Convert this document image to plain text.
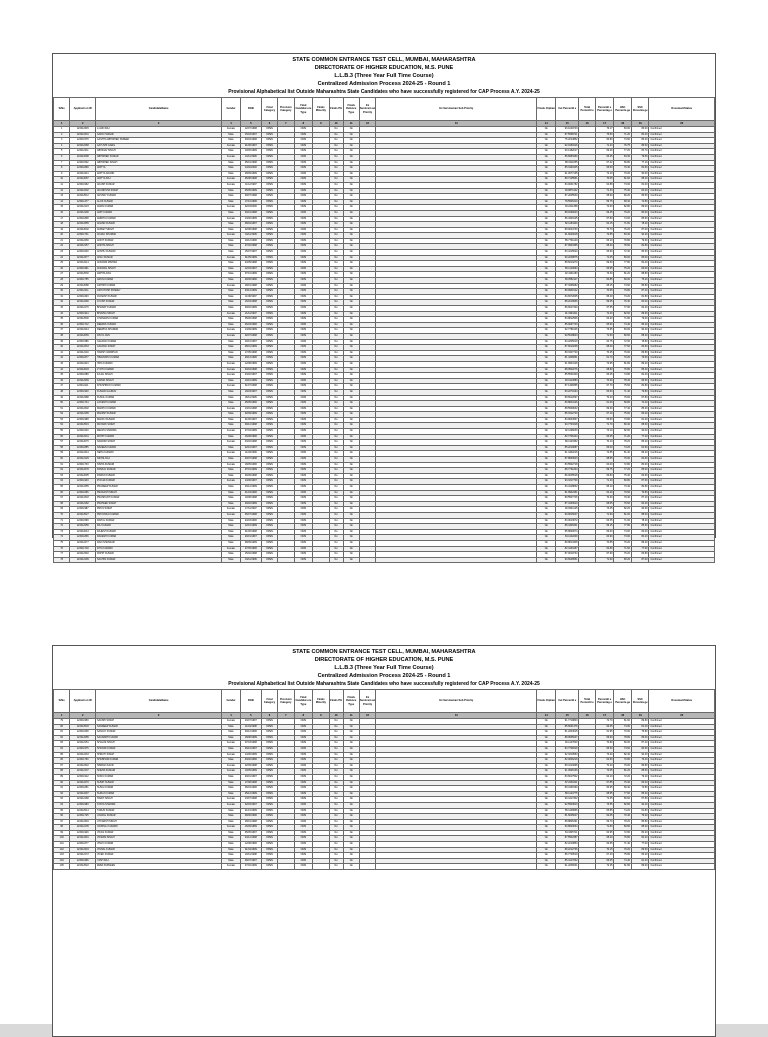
STATE COMMON ENTRANCE TEST CELL, MUMBAI, MAHARASHTRA
DIRECTORATE OF HIGHER EDUCATION, M.S. PUNE
L.L.B.3 (Three Year Full Time Course)
Centralized Admission Process 2024-25 - Round 1
Provisional Alphabetical list Outside Maharashtra State Candidates who have successfully registered for CAP Process A.Y. 2024-25
SrNo	Applicati on ID	CandidateName	Gender	DOB	Final Category	Provision Category	Final Candidat ure Type	Finals Minority	Finals PH	Finals Defence Type	Ex Servicem an Priority	Ex Serviceman Sub Priority	Finals Orphan	Cet Percentil e	Total Percentil e	Percentil e Percentag e	HSC Percenta ge	SSC Percenta ge	DocumentStatus
1	2	3	4	5	6	7	8	9	10	11	12	13	14	15	16	17	18	19	20
1	123412345	A JAIN RAJ	Female	12/07/1998	OPEN		OMS		No	No			No	93.1040743		76.17	83.00	86.00	Confirmed
2	123412301	AAFIK HAIDAR	Male	15/03/1997	OPEN		OMS		No	No			No	87.5568741		75.80	71.20	80.40	Confirmed
3	123411578	AASTHA ABHISHEK PAREEK	Male	03/04/1998	OPEN		OMS		No	No			No	75.2014852		60.80	73.60	86.20	Confirmed
4	123412268	AAYUSHI GARG	Female	21/06/1997	OPEN		OMS		No	No			No	92.0150416		71.23	76.75	85.00	Confirmed
5	123412311	ABHINAV SINGH	Male	19/06/1999	OPEN		OMS		No	No			No	90.1482017		69.20	77.20	83.70	Confirmed
6	123412098	ABHISHEK KUMAR	Female	10/11/1996	OPEN		OMS		No	No			No	86.6683460		63.25	84.30	79.50	Confirmed
7	123411502	ABHISHEK SINGH	Male	05/01/1998	OPEN		OMS		No	No			No	88.3411055		67.42	66.80	77.10	Confirmed
8	123411899	ADITYA	Male	14/02/2000	OPEN		OMS		No	No			No	85.3460105		66.50	79.40	82.60	Confirmed
9	123412441	ADITYA ANAND	Male	28/09/1999	OPEN		OMS		No	No			No	91.0077135		72.10	70.00	90.00	Confirmed
10	123412087	ADITYA RAJ	Female	06/08/1998	OPEN		OMS		No	No			No	89.7125561		70.05	81.60	88.40	Confirmed
11	123411962	AKASH KUMAR	Female	11/12/1997	OPEN		OMS		No	No			No	84.0031782		64.88	73.00	81.00	Confirmed
12	123412402	AKANKSHA SINGH	Male	25/05/1999	OPEN		OMS		No	No			No	90.8871102		71.33	75.40	84.20	Confirmed
13	123412512	AKSHAY KUMAR	Male	09/07/1998	OPEN		OMS		No	No			No	87.2205530		68.90	80.20	86.50	Confirmed
14	123411477	ALOK KUMAR	Male	17/10/1996	OPEN		OMS		No	No			No	78.5506310		59.75	68.40	72.80	Confirmed
15	123412123	AMAN KUMAR	Female	02/03/2000	OPEN		OMS		No	No			No	93.2211458		74.60	82.80	89.00	Confirmed
16	123412190	AMIT KUMAR	Male	30/01/1998	OPEN		OMS		No	No			No	88.9190023		69.45	79.20	80.00	Confirmed
17	123411808	AMRITA KUMARI	Female	13/06/1999	OPEN		OMS		No	No			No	86.4300125		67.80	74.00	85.60	Confirmed
18	123412355	ANAND KUMAR	Male	08/04/1997	OPEN		OMS		No	No			No	82.1184400		62.15	71.60	78.40	Confirmed
19	123412002	ANIKET SINGH	Male	22/08/1998	OPEN		OMS		No	No			No	89.0044730		70.70	76.20	87.00	Confirmed
20	123411731	ANJALI SHARMA	Female	04/11/1999	OPEN		OMS		No	No			No	91.6620018		72.85	83.40	90.20	Confirmed
21	123412466	ANKIT KUMAR	Male	19/12/1996	OPEN		OMS		No	No			No	85.7701140		66.10	70.80	79.60	Confirmed
22	123412157	ANKITA SINGH	Male	27/02/1998	OPEN		OMS		No	No			No	87.9903355		68.40	78.60	82.80	Confirmed
23	123411640	ANSHU KUMARI	Male	15/07/1997	OPEN		OMS		No	No			No	83.4415620		63.90	72.40	80.60	Confirmed
24	123412377	ANUJ KUMAR	Female	01/05/1999	OPEN		OMS		No	No			No	90.2248875		71.05	80.00	86.00	Confirmed
25	123412214	ANUPAM MISHRA	Male	24/09/1998	OPEN		OMS		No	No			No	88.6013270		69.60	77.80	84.40	Confirmed
26	123411991	ANURAG SINGH	Male	12/03/1997	OPEN		OMS		No	No			No	86.1120094		66.95	75.20	83.00	Confirmed
27	123412530	ARPITA DAS	Male	07/10/1999	OPEN		OMS		No	No			No	92.4401183		73.30	81.20	88.80	Confirmed
28	123411755	ARUN KUMAR	Male	29/06/1996	OPEN		OMS		No	No			No	80.0552117		60.85	69.00	75.20	Confirmed
29	123412088	ASHISH KUMAR	Female	18/01/1998	OPEN		OMS		No	No			No	87.3366082		68.15	74.60	85.80	Confirmed
30	123412411	ASHUTOSH PANDEY	Male	03/12/1999	OPEN		OMS		No	No			No	89.9901542		70.95	79.80	87.40	Confirmed
31	123411603	AVINASH KUMAR	Male	11/08/1997	OPEN		OMS		No	No			No	84.6672005		65.40	73.20	81.80	Confirmed
32	123412290	AYUSH KUMAR	Male	16/04/1998	OPEN		OMS		No	No			No	88.2219966		69.05	76.40	84.00	Confirmed
33	123412176	BHARAT KUMAR	Male	09/02/1999	OPEN		OMS		No	No			No	86.9017320		67.55	77.00	82.20	Confirmed
34	123411944	BHAVNA SINGH	Female	21/11/1997	OPEN		OMS		No	No			No	91.3304411		72.40	82.00	89.60	Confirmed
35	123412500	CHANDAN KUMAR	Male	05/06/1998	OPEN		OMS		No	No			No	83.8812506		64.20	71.80	79.00	Confirmed
36	123411712	DEEPAK KUMAR	Male	26/03/1996	OPEN		OMS		No	No			No	85.0067743		65.90	74.40	80.20	Confirmed
37	123412244	DEEPIKA SHARMA	Female	14/09/1999	OPEN		OMS		No	No			No	92.7781026		73.65	83.00	90.40	Confirmed
38	123412059	DIVYA JAIN	Female	02/07/1998	OPEN		OMS		No	No			No	90.5518843		71.50	80.60	88.20	Confirmed
39	123411586	GAURAV KUMAR	Male	20/10/1997	OPEN		OMS		No	No			No	84.2205019		64.75	72.00	78.80	Confirmed
40	123412333	GAURAV SINGH	Male	08/01/1999	OPEN		OMS		No	No			No	87.6610238		68.30	77.60	83.60	Confirmed
41	123412140	HARSH VARDHAN	Male	17/05/1998	OPEN		OMS		No	No			No	89.3347720		70.25	79.00	86.80	Confirmed
42	123411877	HIMANSHU KUMAR	Male	29/12/1996	OPEN		OMS		No	No			No	81.4406651		61.70	70.20	76.60	Confirmed
43	123412421	ISHA KUMARI	Female	12/08/1999	OPEN		OMS		No	No			No	91.9903128		72.95	81.80	89.20	Confirmed
44	123412003	JYOTI KUMARI	Female	04/04/1998	OPEN		OMS		No	No			No	88.0502276		68.80	76.80	85.40	Confirmed
45	123411689	KAJAL SINGH	Female	23/02/1997	OPEN		OMS		No	No			No	85.5531909		66.25	74.80	82.40	Confirmed
46	123412269	KARAN SINGH	Male	10/10/1999	OPEN		OMS		No	No			No	90.0114583		70.60	78.40	86.60	Confirmed
47	123412111	KHUSHBOO KUMARI	Female	31/07/1998	OPEN		OMS		No	No			No	87.1408355		67.70	75.60	84.80	Confirmed
48	123411920	KUMAR GAURAV	Male	19/03/1997	OPEN		OMS		No	No			No	83.2270164		63.60	71.40	79.80	Confirmed
49	123412488	KUNAL KUMAR	Male	06/11/1999	OPEN		OMS		No	No			No	89.6612097		70.40	79.60	87.80	Confirmed
50	123411744	LOKESH KUMAR	Male	25/05/1996	OPEN		OMS		No	No			No	80.8844126		61.20	69.80	74.40	Confirmed
51	123412302	MADHU KUMARI	Female	13/01/1998	OPEN		OMS		No	No			No	88.5509632		69.30	77.40	85.20	Confirmed
52	123412165	MANISH KUMAR	Male	02/09/1999	OPEN		OMS		No	No			No	86.3312740		67.10	75.00	83.40	Confirmed
53	123411968	MANOJ KUMAR	Male	21/06/1997	OPEN		OMS		No	No			No	84.9004567		65.60	73.80	81.20	Confirmed
54	123412519	MAYANK SINGH	Male	09/12/1998	OPEN		OMS		No	No			No	90.7703318		71.70	80.40	88.60	Confirmed
55	123411620	MEGHA SHARMA	Female	27/04/1999	OPEN		OMS		No	No			No	92.1198230		73.10	82.60	90.00	Confirmed
56	123412231	MOHIT KUMAR	Male	16/08/1996	OPEN		OMS		No	No			No	82.7706104		63.05	71.20	77.40	Confirmed
57	123412076	NANDINI SINGH	Female	04/02/1998	OPEN		OMS		No	No			No	89.1103352		70.10	78.20	86.20	Confirmed
58	123411855	NAVEEN KUMAR	Male	22/10/1997	OPEN		OMS		No	No			No	85.2219087		66.00	74.20	81.60	Confirmed
59	123412444	NEHA KUMARI	Female	11/03/1999	OPEN		OMS		No	No			No	91.4402216		72.55	81.40	89.40	Confirmed
60	123412129	NIKHIL RAJ	Male	30/07/1998	OPEN		OMS		No	No			No	87.8830543		68.55	76.00	84.60	Confirmed
61	123411733	NISHA KUMARI	Female	18/05/1996	OPEN		OMS		No	No			No	83.5502718		64.00	72.80	80.00	Confirmed
62	123412278	PANKAJ KUMAR	Male	07/01/1999	OPEN		OMS		No	No			No	88.7731204		69.75	77.20	85.00	Confirmed
63	123412095	PAWAN KUMAR	Male	26/09/1998	OPEN		OMS		No	No			No	86.0045518		66.80	75.40	82.60	Confirmed
64	123411903	POOJA KUMARI	Female	14/06/1997	OPEN		OMS		No	No			No	90.3317709		71.20	80.80	87.60	Confirmed
65	123412455	PRADEEP KUMAR	Male	03/12/1999	OPEN		OMS		No	No			No	84.4418832		65.10	73.40	80.80	Confirmed
66	123411666	PRAKASH SINGH	Male	21/04/1996	OPEN		OMS		No	No			No	81.9902451		62.40	70.60	76.80	Confirmed
67	123412318	PRASHANT KUMAR	Male	10/08/1998	OPEN		OMS		No	No			No	89.5507726		70.30	79.40	87.20	Confirmed
68	123412182	PRATEEK SINGH	Male	29/02/1999	OPEN		OMS		No	No			No	87.4430910		68.05	76.60	84.20	Confirmed
69	123411987	PRIYA SINGH	Female	17/11/1997	OPEN		OMS		No	No			No	92.6621145		73.45	82.20	90.60	Confirmed
70	123412527	PRIYANKA KUMARI	Female	06/07/1998	OPEN		OMS		No	No			No	90.9915047		71.90	81.00	88.00	Confirmed
71	123411599	RAHUL KUMAR	Male	24/03/1996	OPEN		OMS		No	No			No	83.0013672		63.35	71.00	78.20	Confirmed
72	123412256	RAJ KUMAR	Male	12/10/1999	OPEN		OMS		No	No			No	88.4406331		69.15	77.80	85.60	Confirmed
73	123412044	RAJESH KUMAR	Male	01/06/1998	OPEN		OMS		No	No			No	85.8820674		66.60	74.60	82.00	Confirmed
74	123411836	RAKESH KUMAR	Male	20/01/1997	OPEN		OMS		No	No			No	84.1102209		64.90	73.00	80.40	Confirmed
75	123412477	RAVI SHANKAR	Male	08/09/1999	OPEN		OMS		No	No			No	89.8814308		70.85	79.20	86.40	Confirmed
76	123411718	RITU KUMARI	Female	27/05/1996	OPEN		OMS		No	No			No	82.4430187		62.80	71.60	77.60	Confirmed
77	123412340	ROHIT KUMAR	Male	15/02/1998	OPEN		OMS		No	No			No	87.0019734		67.90	76.20	83.80	Confirmed
78	123412199	SACHIN KUMAR	Male	04/11/1999	OPEN		OMS		No	No			No	90.6628551		71.60	80.20	87.00	Confirmed
STATE COMMON ENTRANCE TEST CELL, MUMBAI, MAHARASHTRA
DIRECTORATE OF HIGHER EDUCATION, M.S. PUNE
L.L.B.3 (Three Year Full Time Course)
Centralized Admission Process 2024-25 - Round 1
Provisional Alphabetical list Outside Maharashtra State Candidates who have successfully registered for CAP Process A.Y. 2024-25
SrNo	Applicati on ID	CandidateName	Gender	DOB	Final Category	Provision Category	Final Candidat ure Type	Finals Minority	Finals PH	Finals Defence Type	Ex Servicem an Priority	Ex Serviceman Sub Priority	Finals Orphan	Cet Percentil e	Total Percentil e	Percentil e Percentag e	HSC Percenta ge	SSC Percenta ge	DocumentStatus
1	2	3	4	5	6	7	8	9	10	11	12	13	14	15	16	17	18	19	20
79	123411950	SAKSHI SINGH	Female	23/07/1997	OPEN		OMS		No	No			No	91.7719803		72.70	81.60	89.80	Confirmed
80	123412503	SANDEEP KUMAR	Male	11/04/1998	OPEN		OMS		No	No			No	85.6631476		66.35	74.00	81.40	Confirmed
81	123411638	SANJAY KUMAR	Male	30/12/1996	OPEN		OMS		No	No			No	81.2204615		61.95	70.00	75.80	Confirmed
82	123412285	SAURABH KUMAR	Male	18/08/1999	OPEN		OMS		No	No			No	88.9935027		69.90	78.80	86.00	Confirmed
83	123412151	SHALINI SINGH	Female	07/03/1998	OPEN		OMS		No	No			No	90.1127840		70.80	80.00	87.40	Confirmed
84	123411975	SHIVAM KUMAR	Male	26/10/1997	OPEN		OMS		No	No			No	84.7708319		65.30	73.60	80.60	Confirmed
85	123412433	SHRUTI SINGH	Female	14/06/1999	OPEN		OMS		No	No			No	92.3310554		73.20	82.40	90.20	Confirmed
86	123411760	SHUBHAM KUMAR	Male	03/02/1996	OPEN		OMS		No	No			No	82.0006218		62.50	70.80	76.40	Confirmed
87	123412322	SIMRAN KAUR	Female	22/09/1998	OPEN		OMS		No	No			No	89.4413066		70.20	79.00	86.80	Confirmed
88	123412107	SNEHA KUMARI	Female	10/05/1999	OPEN		OMS		No	No			No	91.0926139		72.05	81.20	88.60	Confirmed
89	123411912	SONU KUMAR	Male	29/01/1997	OPEN		OMS		No	No			No	83.6617502		64.10	72.20	79.20	Confirmed
90	123412470	SUMIT KUMAR	Male	17/08/1998	OPEN		OMS		No	No			No	87.2230411		67.85	76.40	84.00	Confirmed
91	123411651	SUNIL KUMAR	Male	06/04/1996	OPEN		OMS		No	No			No	80.4431590		60.95	69.40	74.80	Confirmed
92	123412297	SURAJ KUMAR	Male	25/12/1999	OPEN		OMS		No	No			No	88.1124775		68.95	77.60	85.20	Confirmed
93	123412168	SWATI SINGH	Female	13/07/1998	OPEN		OMS		No	No			No	90.4417302		71.35	80.60	87.80	Confirmed
94	123411983	TANYA SHARMA	Female	02/03/1997	OPEN		OMS		No	No			No	92.5503813		73.55	82.80	90.40	Confirmed
95	123412514	TARUN KUMAR	Male	21/10/1999	OPEN		OMS		No	No			No	85.1108956		65.85	74.20	81.80	Confirmed
96	123411725	UJJWAL KUMAR	Male	09/06/1996	OPEN		OMS		No	No			No	81.6625047		62.05	70.40	76.20	Confirmed
97	123412349	UTKARSH SINGH	Male	28/01/1998	OPEN		OMS		No	No			No	88.8806491		69.70	78.20	85.80	Confirmed
98	123412135	VAISHALI KUMARI	Female	16/09/1999	OPEN		OMS		No	No			No	90.8820634		71.80	80.80	88.20	Confirmed
99	123411929	VIKAS KUMAR	Male	05/05/1997	OPEN		OMS		No	No			No	84.3325711		64.95	72.80	80.20	Confirmed
100	123412491	VIKRAM SINGH	Male	24/12/1998	OPEN		OMS		No	No			No	87.5502387		68.20	76.80	84.40	Confirmed
101	123411677	VINAY KUMAR	Male	12/08/1996	OPEN		OMS		No	No			No	82.2210854		62.65	71.40	77.00	Confirmed
102	123412304	VISHAL KUMAR	Male	01/04/1999	OPEN		OMS		No	No			No	89.2212736		70.15	79.20	86.60	Confirmed
103	123412172	VIVEK KUMAR	Male	20/11/1998	OPEN		OMS		No	No			No	86.7730519		67.40	75.80	83.20	Confirmed
104	123411996	YASH RAJ	Male	09/07/1997	OPEN		OMS		No	No			No	85.4417062		66.05	74.40	81.40	Confirmed
105	123412522	ZEBA PARVEEN	Female	27/02/1999	OPEN		OMS		No	No			No	91.2206631		72.25	81.80	89.00	Confirmed
